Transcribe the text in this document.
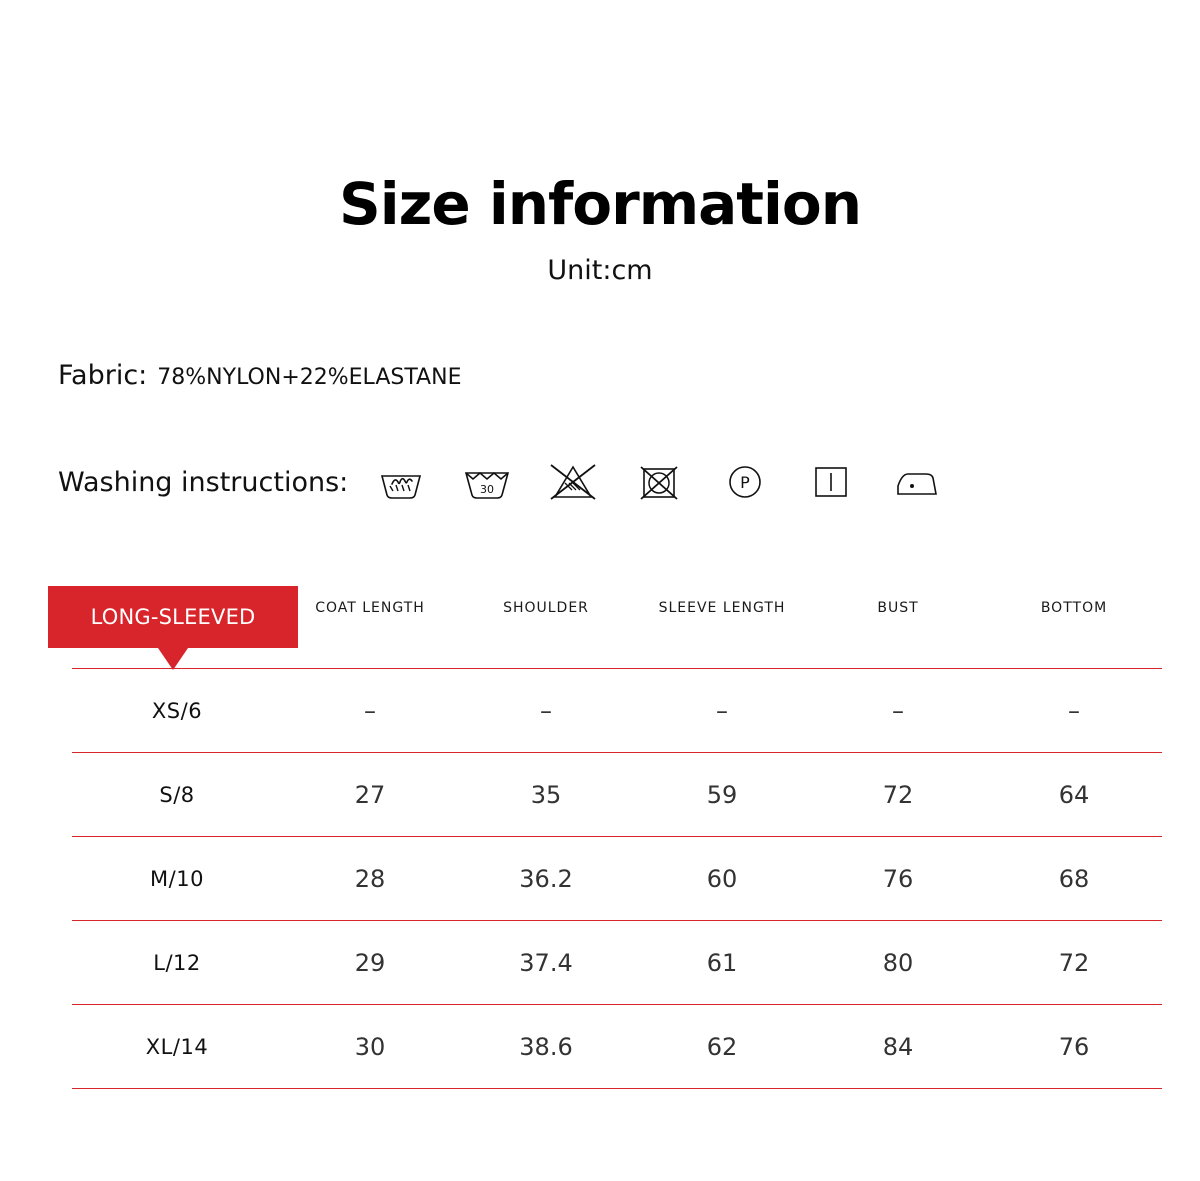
Size information
Unit:cm
Fabric: 78%NYLON+22%ELASTANE
Washing instructions:	30	P
LONG-SLEEVED
		COAT LENGTH	SHOULDER	SLEEVE LENGTH	BUST	BOTTOM
XS/6	–	–	–	–	–
S/8	27	35	59	72	64
M/10	28	36.2	60	76	68
L/12	29	37.4	61	80	72
XL/14	30	38.6	62	84	76
